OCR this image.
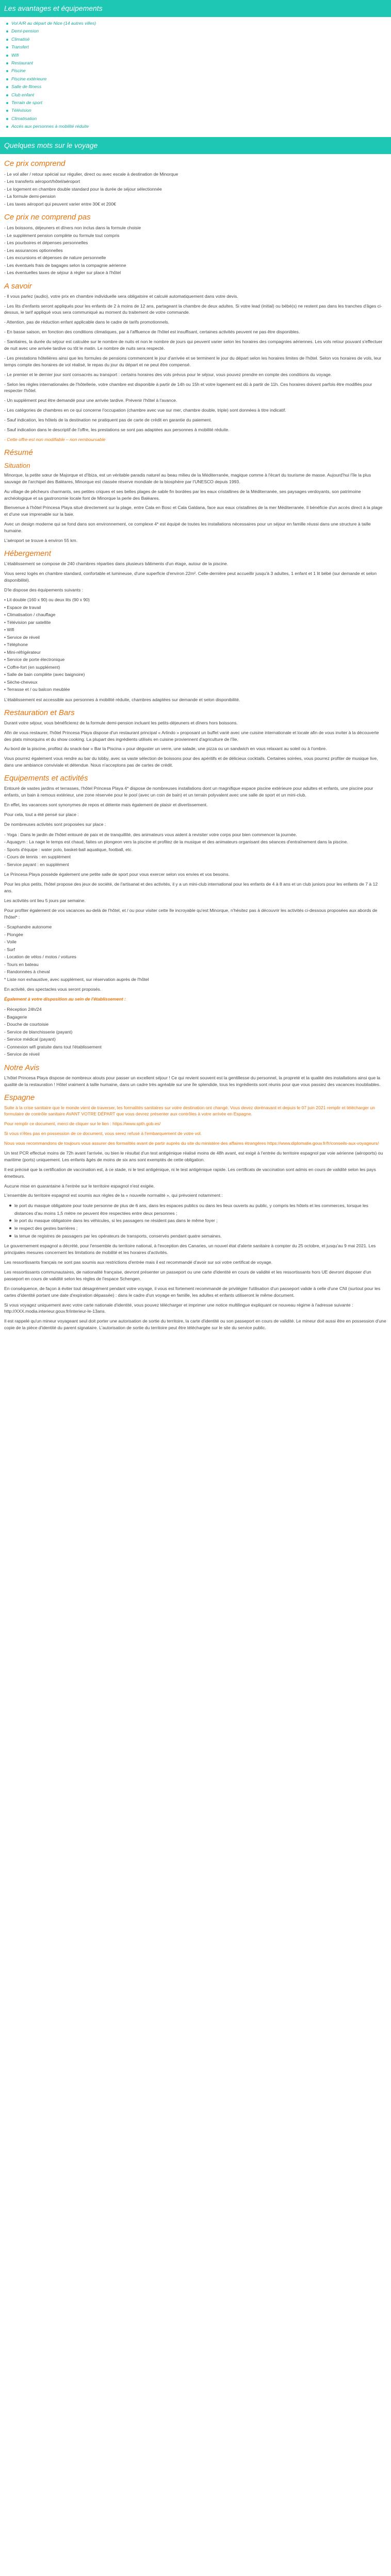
Les avantages et équipements
Vol A/R au départ de Nice (14 autres villes)
Demi-pension
Climatisé
Transfert
Wifi
Restaurant
Piscine
Piscine extérieure
Salle de fitness
Club enfant
Terrain de sport
Télévision
Climatisation
Accès aux personnes à mobilité réduite
Quelques mots sur le voyage
Ce prix comprend
- Le vol aller / retour spécial sur régulier, direct ou avec escale à destination de Minorque
- Les transferts aéroport/hôtel/aéroport
- Le logement en chambre double standard pour la durée de séjour sélectionnée
- La formule demi-pension
- Les taxes aéroport qui peuvent varier entre 30€ et 200€
Ce prix ne comprend pas
- Les boissons, déjeuners et dîners non inclus dans la formule choisie
- Le supplément pension complète ou formule tout compris
- Les pourboires et dépenses personnelles
- Les assurances optionnelles
- Les excursions et dépenses de nature personnelle
- Les éventuels frais de bagages selon la compagnie aérienne
- Les éventuelles taxes de séjour à régler sur place à l'hôtel
A savoir

- Il vous parlez (audio), votre prix en chambre individuelle sera obligatoire et calculé automatiquement dans votre devis.

- Les lits d'enfants seront appliqués pour les enfants de 2 à moins de 12 ans, partageant la chambre de deux adultes. Si votre lead (initial) ou bébé(s) ne restent pas dans les tranches d'âges ci-dessus, le tarif appliqué vous sera communiqué au moment du traitement de votre commande.

- Attention, pas de réduction enfant applicable dans le cadre de tarifs promotionnels.

- En basse saison, en fonction des conditions climatiques, par à l'affluence de l'hôtel est insuffisant, certaines activités peuvent ne pas être disponibles.

- Sanitaires, la durée du séjour est calculée sur le nombre de nuits et non le nombre de jours qui peuvent varier selon les horaires des compagnies aériennes. Les vols retour pouvant s'effectuer de nuit avec une arrivée tardive ou tôt le matin. Le nombre de nuits sera respecté.

- Les prestations hôtelières ainsi que les formules de pensions commencent le jour d'arrivée et se terminent le jour du départ selon les horaires limites de l'hôtel. Selon vos horaires de vols, leur temps compte des horaires de vol réalisé, le repas du jour du départ et ne peut être compensé.

- Le premier et le dernier jour sont consacrés au transport : certains horaires des vols prévus pour le séjour, vous pouvez prendre en compte des conditions du voyage.

- Selon les règles internationales de l'hôtellerie, votre chambre est disponible à partir de 14h ou 15h et votre logement est dû à partir de 11h. Ces horaires doivent parfois être modifiés pour respecter l'hôtel.

- Un supplément peut être demandé pour une arrivée tardive. Prévenir l'hôtel à l'avance.

- Les catégories de chambres en ce qui concerne l'occupation (chambre avec vue sur mer, chambre double, triple) sont données à titre indicatif.

- Sauf indication, les hôtels de la destination ne pratiquent pas de carte de crédit en garantie du paiement.

- Sauf indication dans le descriptif de l'offre, les prestations se sont pas adaptées aux personnes à mobilité réduite.

- Cette offre est non modifiable – non remboursable

Résumé
Situation

Minorque, la petite sœur de Majorque et d'Ibiza, est un véritable paradis naturel au beau milieu de la Méditerranée, magique comme à l'écart du tourisme de masse. Aujourd'hui l'île la plus sauvage de l'archipel des Baléares, Minorque est classée réserve mondiale de la biosphère par l'UNESCO depuis 1993.

Au village de pêcheurs charmants, ses petites criques et ses belles plages de sable fin bordées par les eaux cristallines de la Méditerranée, ses paysages verdoyants, son patrimoine archéologique et sa gastronomie locale font de Minorque la perle des Baléares.

Bienvenue à l'hôtel Princesa Playa situé directement sur la plage, entre Cala en Bosc et Cala Galdana, face aux eaux cristallines de la mer Méditerranée. Il bénéficie d'un accès direct à la plage et d'une vue imprenable sur la baie.

Avec un design moderne qui se fond dans son environnement, ce complexe 4* est équipé de toutes les installations nécessaires pour un séjour en famille réussi dans une structure à taille humaine.

L'aéroport se trouve à environ 55 km.

Hébergement

L'établissement se compose de 240 chambres réparties dans plusieurs bâtiments d'un étage, autour de la piscine.

Vous serez logés en chambre standard, confortable et lumineuse, d'une superficie d'environ 22m². Celle-dernière peut accueillir jusqu'à 3 adultes, 1 enfant et 1 lit bébé (sur demande et selon disponibilité).

D'le dispose des équipements suivants :

• Lit double (160 x 90) ou deux lits (90 x 90)
• Espace de travail
• Climatisation / chauffage
• Télévision par satellite
• Wifi
• Service de réveil
• Téléphone
• Mini-réfrigérateur
• Service de porte électronique
• Coffre-fort (en supplément)
• Salle de bain complète (avec baignoire)
• Sèche-cheveux
• Terrasse et / ou balcon meublée

L'établissement est accessible aux personnes à mobilité réduite, chambres adaptées sur demande et selon disponibilité.

Restauration et Bars

Durant votre séjour, vous bénéficierez de la formule demi-pension incluant les petits-déjeuners et dîners hors boissons.

Afin de vous restaurer, l'hôtel Princesa Playa dispose d'un restaurant principal « Arlindo » proposant un buffet varié avec une cuisine internationale et locale afin de vous inviter à la découverte des plats minorquins et du show cooking. La plupart des ingrédients utilisés en cuisine proviennent d'agriculture de l'île.

Au bord de la piscine, profitez du snack-bar « Bar la Piscina » pour déguster un verre, une salade, une pizza ou un sandwich en vous relaxant au soleil ou à l'ombre.

Vous pourrez également vous rendre au bar du lobby, avec sa vaste sélection de boissons pour des apéritifs et de délicieux cocktails. Certaines soirées, vous pourrez profiter de musique live, dans une ambiance conviviale et détendue. Nous n'acceptons pas de cartes de crédit.

Equipements et activités

Entouré de vastes jardins et terrasses, l'hôtel Princesa Playa 4* dispose de nombreuses installations dont un magnifique espace piscine extérieure pour adultes et enfants, une piscine pour enfants, un bain à remous extérieur, une zone réservée pour le pool (avec un coin de bain) et un terrain polyvalent avec une salle de sport et un mini-club.

En effet, les vacances sont synonymes de repos et détente mais également de plaisir et divertissement.

Pour cela, tout a été pensé sur place :

De nombreuses activités sont proposées sur place :

- Yoga : Dans le jardin de l'hôtel entouré de paix et de tranquillité, des animateurs vous aident à revisiter votre corps pour bien commencer la journée.
- Aquagym : La nage le temps est chaud, faites un plongeon vers la piscine et profitez de la musique et des animateurs organisant des séances d'entraînement dans la piscine.
- Sports d'équipe : water polo, basket-ball aquatique, football, etc.
- Cours de tennis : en supplément
- Service payant : en supplément

Le Princesa Playa possède également une petite salle de sport pour vous exercer selon vos envies et vos besoins.

Pour les plus petits, l'hôtel propose des jeux de société, de l'artisanat et des activités, il y a un mini-club international pour les enfants de 4 à 8 ans et un club juniors pour les enfants de 7 à 12 ans.

Les activités ont lieu 5 jours par semaine.

Pour profiter également de vos vacances au-delà de l'hôtel, et / ou pour visiter cette île incroyable qu'est Minorque, n'hésitez pas à découvrir les activités ci-dessous proposées aux abords de l'hôtel* :

- Scaphandre autonome
- Plongée
- Voile
- Surf
- Location de vélos / motos / voitures
- Tours en bateau
- Randonnées à cheval
* Liste non exhaustive, avec supplément, sur réservation auprès de l'hôtel

En activité, des spectacles vous seront proposés.

Également à votre disposition au sein de l'établissement :

- Réception 24h/24
- Bagagerie
- Douche de courtoisie
- Service de blanchisserie (payant)
- Service médical (payant)
- Connexion wifi gratuite dans tout l'établissement
- Service de réveil
Notre Avis

L'hôtel Princesa Playa dispose de nombreux atouts pour passer un excellent séjour ! Ce qui revient souvent est la gentillesse du personnel, la propreté et la qualité des installations ainsi que la qualité de la restauration ! Hôtel vraiment à taille humaine, dans un cadre très agréable sur une île splendide, tous les ingrédients sont réunis pour que vous passiez des vacances inoubliables.

Espagne

Suite à la crise sanitaire que le monde vient de traverser, les formalités sanitaires sur votre destination ont changé. Vous devez dorénavant et depuis le 07 juin 2021 remplir et télécharger un formulaire de contrôle sanitaire AVANT VOTRE DÉPART que vous devrez présenter aux contrôles à votre arrivée en Espagne.

Pour remplir ce document, merci de cliquer sur le lien : https://www.spth.gob.es/

Si vous n'êtes pas en possession de ce document, vous serez refusé à l'embarquement de votre vol.

Nous vous recommandons de toujours vous assurer des formalités avant de partir auprès du site du ministère des affaires étrangères https://www.diplomatie.gouv.fr/fr/conseils-aux-voyageurs/

Un test PCR effectué moins de 72h avant l'arrivée, ou bien le résultat d'un test antigénique réalisé moins de 48h avant, est exigé à l'entrée du territoire espagnol par voie aérienne (aéroports) ou maritime (ports) uniquement. Les enfants âgés de moins de six ans sont exemptés de cette obligation.

Il est précisé que la certification de vaccination est, à ce stade, ni le test antigénique, ni le test antigénique rapide. Les certificats de vaccination sont admis en cours de validité selon les pays émetteurs.

Aucune mise en quarantaine à l'entrée sur le territoire espagnol n'est exigée.

L'ensemble du territoire espagnol est soumis aux règles de la « nouvelle normalité », qui prévoient notamment :

le port du masque obligatoire pour toute personne de plus de 6 ans, dans les espaces publics ou dans les lieux ouverts au public, y compris les hôtels et les commerces, lorsque les distances d'au moins 1,5 mètre ne peuvent être respectées entre deux personnes ;
le port du masque obligatoire dans les véhicules, si les passagers ne résident pas dans le même foyer ;
le respect des gestes barrières ;
la tenue de registres de passagers par les opérateurs de transports, conservés pendant quatre semaines.

Le gouvernement espagnol a décrété, pour l'ensemble du territoire national, à l'exception des Canaries, un nouvel état d'alerte sanitaire à compter du 25 octobre, et jusqu'au 9 mai 2021. Les principales mesures concernent les limitations de mobilité et les horaires d'activités.

Les ressortissants français ne sont pas soumis aux restrictions d'entrée mais il est recommandé d'avoir sur soi votre certificat de voyage.

Les ressortissants communautaires, de nationalité française, devront présenter un passeport ou une carte d'identité en cours de validité et les ressortissants hors UE devront disposer d'un passeport en cours de validité selon les règles de l'espace Schengen.

En conséquence, de façon à éviter tout désagrément pendant votre voyage, il vous est fortement recommandé de privilégier l'utilisation d'un passeport valide à celle d'une CNI (surtout pour les cartes d'identité portant une date d'expiration dépassée) : dans le cadre d'un voyage en famille, les adultes et enfants utiliseront le même document.

Si vous voyagez uniquement avec votre carte nationale d'identité, vous pouvez télécharger et imprimer une notice multilingue expliquant ce nouveau régime à l'adresse suivante : http://XXX.modia.interieur.gouv.fr/interieur-le-13ans.

Il est rappelé qu'un mineur voyageant seul doit porter une autorisation de sortie du territoire, la carte d'identité ou son passeport en cours de validité. Le mineur doit aussi être en possession d'une copie de la pièce d'identité du parent signataire. L'autorisation de sortie du territoire peut être téléchargée sur le site du service public.
